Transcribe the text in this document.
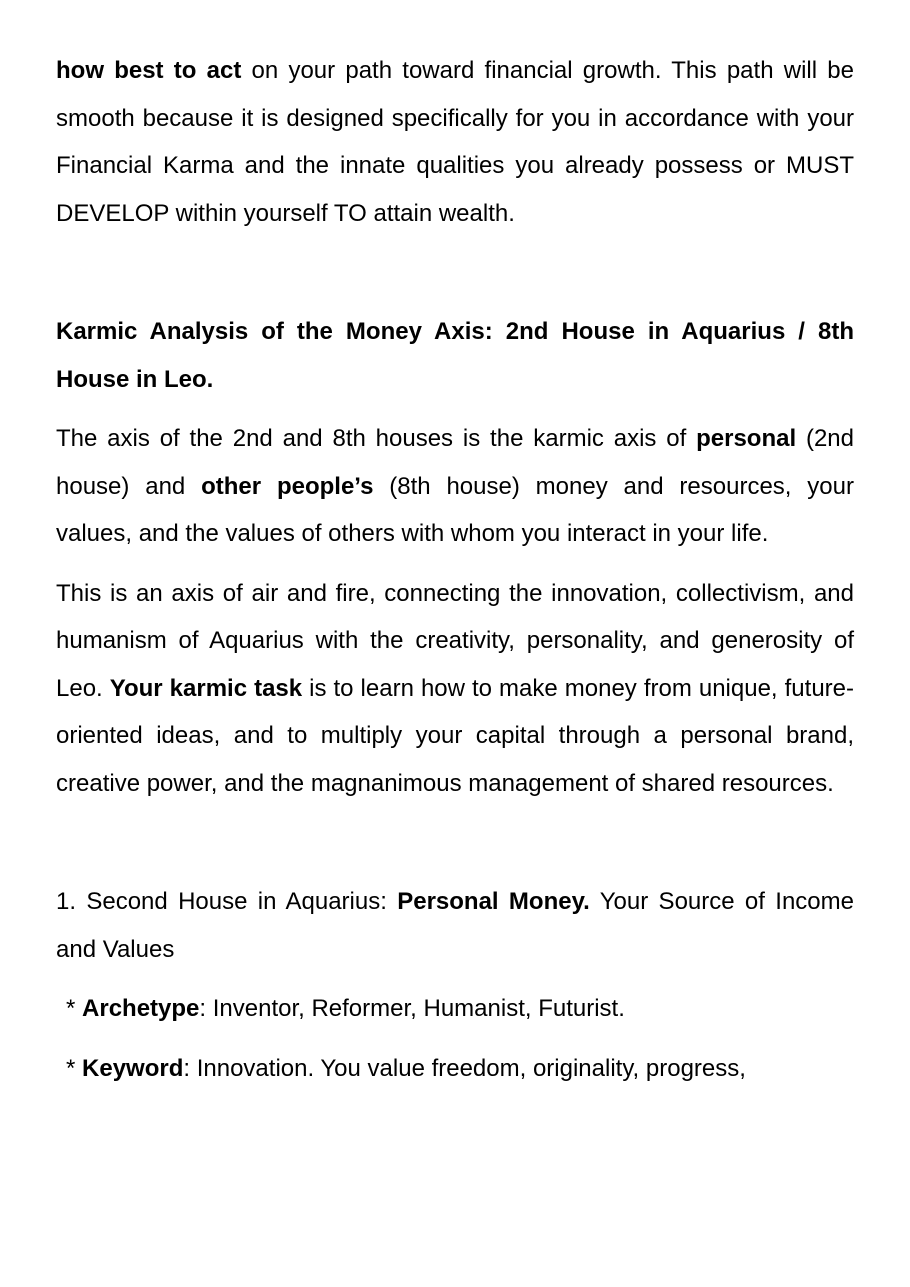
how best to act on your path toward financial growth. This path will be smooth because it is designed specifically for you in accordance with your Financial Karma and the innate qualities you already possess or MUST DEVELOP within yourself TO attain wealth.

Karmic Analysis of the Money Axis: 2nd House in Aquarius / 8th House in Leo.

The axis of the 2nd and 8th houses is the karmic axis of personal (2nd house) and other people’s (8th house) money and resources, your values, and the values of others with whom you interact in your life.

This is an axis of air and fire, connecting the innovation, collectivism, and humanism of Aquarius with the creativity, personality, and generosity of Leo. Your karmic task is to learn how to make money from unique, future-oriented ideas, and to multiply your capital through a personal brand, creative power, and the magnanimous management of shared resources.

1. Second House in Aquarius: Personal Money. Your Source of Income and Values

* Archetype: Inventor, Reformer, Humanist, Futurist.

* Keyword: Innovation. You value freedom, originality, progress,
